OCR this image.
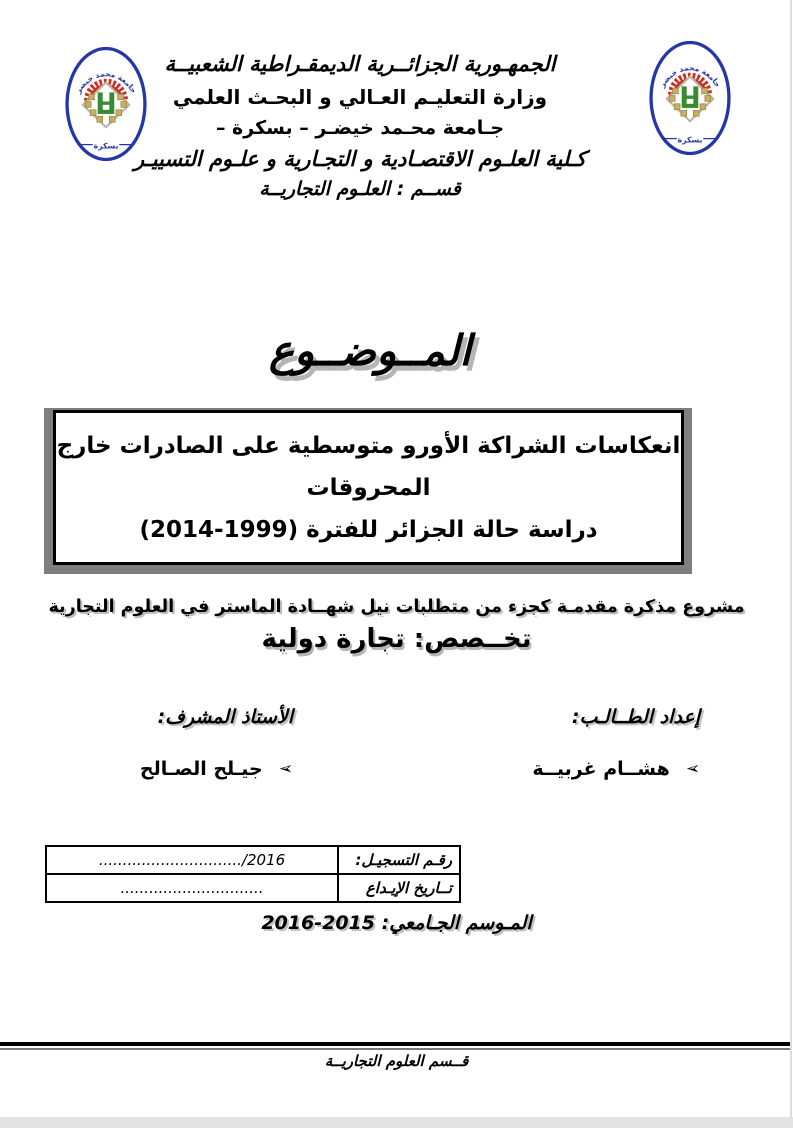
الجمهـورية الجزائــرية الديمقـراطية الشعبيــة
وزارة التعليـم العـالي و البحـث العلمي
جـامعة محـمد خيضـر – بسكرة –
كـلية العلـوم الاقتصـادية و التجـارية و علـوم التسييـر
قســم : العلـوم التجاريــة
المــوضــوع
انعكاسات الشراكة الأورو متوسطية على الصادرات خارج المحروقات
دراسة حالة الجزائر للفترة (1999-2014)
مشروع مذكرة مقدمـة كجزء من متطلبات نيل شهــادة الماستر في العلوم التجارية
تخــصص: تجارة دولية
إعداد الطــالـب:
➢
هشــام غربيــة
الأستاذ المشرف:
➢
جيـلح الصـالح
رقـم التسجيـل:	2016/..............................
تــاريخ الإيـداع	..............................
المـوسم الجـامعي: 2015-2016
قــسم العلوم التجاريــة
